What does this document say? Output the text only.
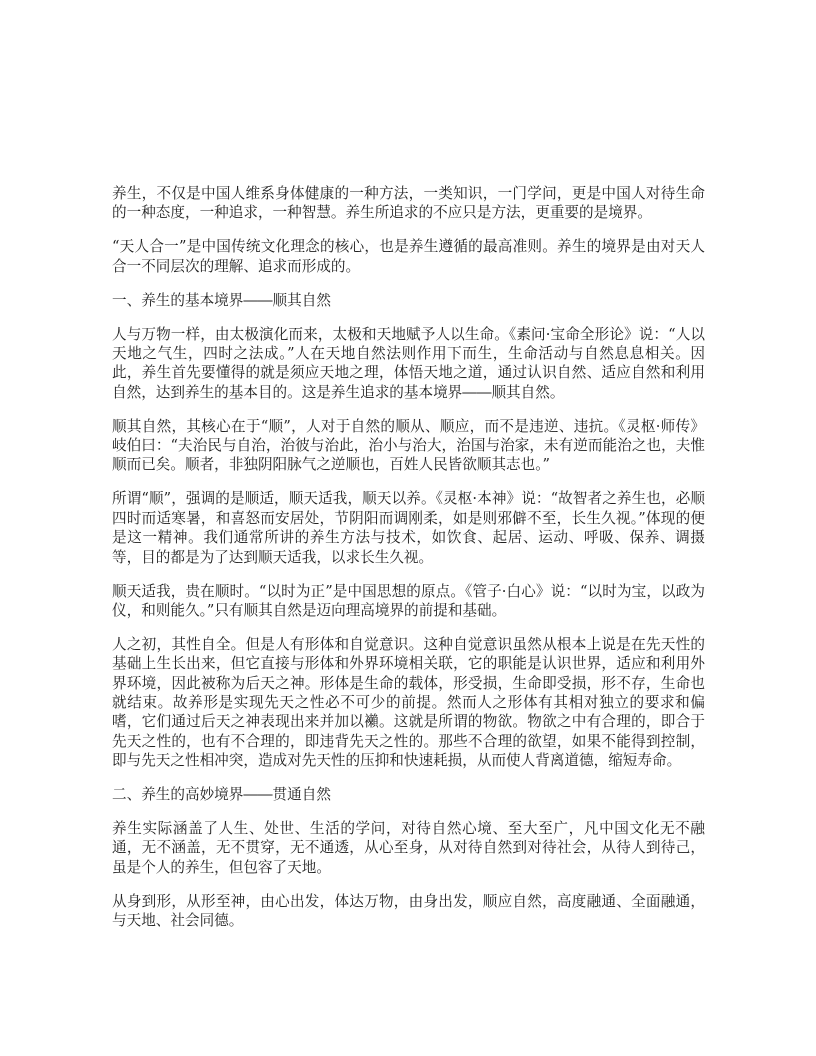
养生，不仅是中国人维系身体健康的一种方法，一类知识，一门学问，更是中国人对待生命的一种态度，一种追求，一种智慧。养生所追求的不应只是方法，更重要的是境界。

“天人合一”是中国传统文化理念的核心，也是养生遵循的最高准则。养生的境界是由对天人合一不同层次的理解、追求而形成的。

一、养生的基本境界――顺其自然

人与万物一样，由太极演化而来，太极和天地赋予人以生命。《素问·宝命全形论》说：“人以天地之气生，四时之法成。”人在天地自然法则作用下而生，生命活动与自然息息相关。因此，养生首先要懂得的就是须应天地之理，体悟天地之道，通过认识自然、适应自然和利用自然，达到养生的基本目的。这是养生追求的基本境界――顺其自然。

顺其自然，其核心在于“顺”，人对于自然的顺从、顺应，而不是违逆、违抗。《灵枢·师传》岐伯曰：“夫治民与自治，治彼与治此，治小与治大，治国与治家，未有逆而能治之也，夫惟顺而已矣。顺者，非独阴阳脉气之逆顺也，百姓人民皆欲顺其志也。”

所谓“顺”，强调的是顺适，顺天适我，顺天以养。《灵枢·本神》说：“故智者之养生也，必顺四时而适寒暑，和喜怒而安居处，节阴阳而调刚柔，如是则邪僻不至，长生久视。”体现的便是这一精神。我们通常所讲的养生方法与技术，如饮食、起居、运动、呼吸、保养、调摄等，目的都是为了达到顺天适我，以求长生久视。

顺天适我，贵在顺时。“以时为正”是中国思想的原点。《管子·白心》说：“以时为宝，以政为仪，和则能久。”只有顺其自然是迈向理高境界的前提和基础。

人之初，其性自全。但是人有形体和自觉意识。这种自觉意识虽然从根本上说是在先天性的基础上生长出来，但它直接与形体和外界环境相关联，它的职能是认识世界，适应和利用外界环境，因此被称为后天之神。形体是生命的载体，形受损，生命即受损，形不存，生命也就结束。故养形是实现先天之性必不可少的前提。然而人之形体有其相对独立的要求和偏嗜，它们通过后天之神表现出来并加以襰。这就是所谓的物欲。物欲之中有合理的，即合于先天之性的，也有不合理的，即违背先天之性的。那些不合理的欲望，如果不能得到控制，即与先天之性相冲突，造成对先天性的压抑和快速耗损，从而使人背离道德，缩短寿命。

二、养生的高妙境界――贯通自然

养生实际涵盖了人生、处世、生活的学问，对待自然心境、至大至广，凡中国文化无不融通，无不涵盖，无不贯穿，无不通透，从心至身，从对待自然到对待社会，从待人到待己，虽是个人的养生，但包容了天地。

从身到形，从形至神，由心出发，体达万物，由身出发，顺应自然，高度融通、全面融通，与天地、社会同德。
